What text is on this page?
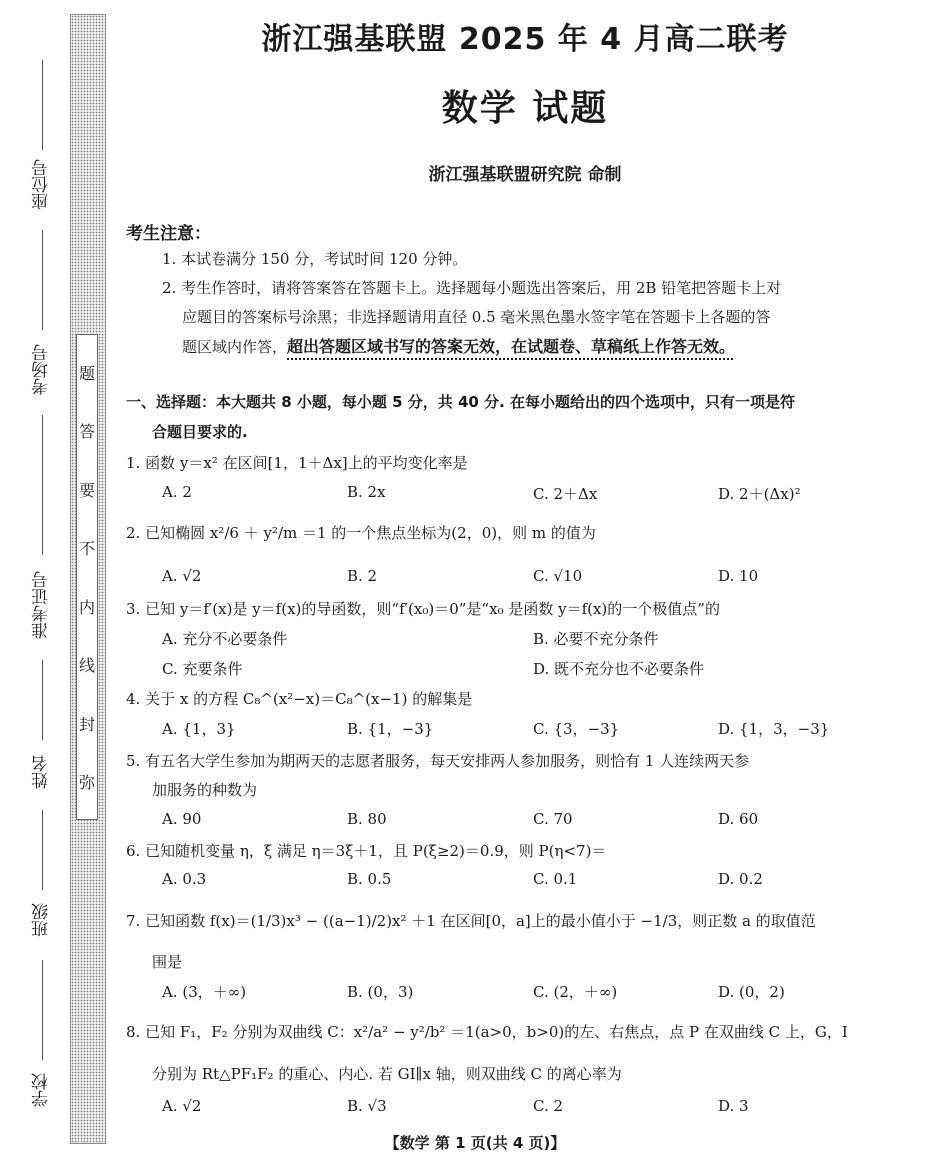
座位号
考场号
准考证号
姓名
班级
学校
题
答
要
不
内
线
封
弥
浙江强基联盟 2025 年 4 月高二联考
数学 试题
浙江强基联盟研究院 命制
考生注意：
1. 本试卷满分 150 分，考试时间 120 分钟。
2. 考生作答时，请将答案答在答题卡上。选择题每小题选出答案后，用 2B 铅笔把答题卡上对
应题目的答案标号涂黑；非选择题请用直径 0.5 毫米黑色墨水签字笔在答题卡上各题的答
题区域内作答，超出答题区域书写的答案无效，在试题卷、草稿纸上作答无效。
一、选择题：本大题共 8 小题，每小题 5 分，共 40 分. 在每小题给出的四个选项中，只有一项是符
合题目要求的.
1. 函数 y＝x² 在区间[1，1＋Δx]上的平均变化率是
A. 2	B. 2x	C. 2＋Δx	D. 2＋(Δx)²
2. 已知椭圆 x²/6 ＋ y²/m ＝1 的一个焦点坐标为(2，0)，则 m 的值为
A. √2	B. 2	C. √10	D. 10
3. 已知 y＝f′(x)是 y＝f(x)的导函数，则“f′(x₀)＝0”是“x₀ 是函数 y＝f(x)的一个极值点”的
A. 充分不必要条件	B. 必要不充分条件
C. 充要条件	D. 既不充分也不必要条件
4. 关于 x 的方程 C₈^(x²−x)＝C₈^(x−1) 的解集是
A. {1，3}	B. {1，−3}	C. {3，−3}	D. {1，3，−3}
5. 有五名大学生参加为期两天的志愿者服务，每天安排两人参加服务，则恰有 1 人连续两天参
加服务的种数为
A. 90	B. 80	C. 70	D. 60
6. 已知随机变量 η，ξ 满足 η＝3ξ＋1，且 P(ξ≥2)＝0.9，则 P(η<7)＝
A. 0.3	B. 0.5	C. 0.1	D. 0.2
7. 已知函数 f(x)＝(1/3)x³ − ((a−1)/2)x² ＋1 在区间[0，a]上的最小值小于 −1/3，则正数 a 的取值范
围是
A. (3，＋∞)	B. (0，3)	C. (2，＋∞)	D. (0，2)
8. 已知 F₁，F₂ 分别为双曲线 C：x²/a² − y²/b² ＝1(a>0，b>0)的左、右焦点，点 P 在双曲线 C 上，G，I
分别为 Rt△PF₁F₂ 的重心、内心. 若 GI∥x 轴，则双曲线 C 的离心率为
A. √2	B. √3	C. 2	D. 3
【数学 第 1 页(共 4 页)】
